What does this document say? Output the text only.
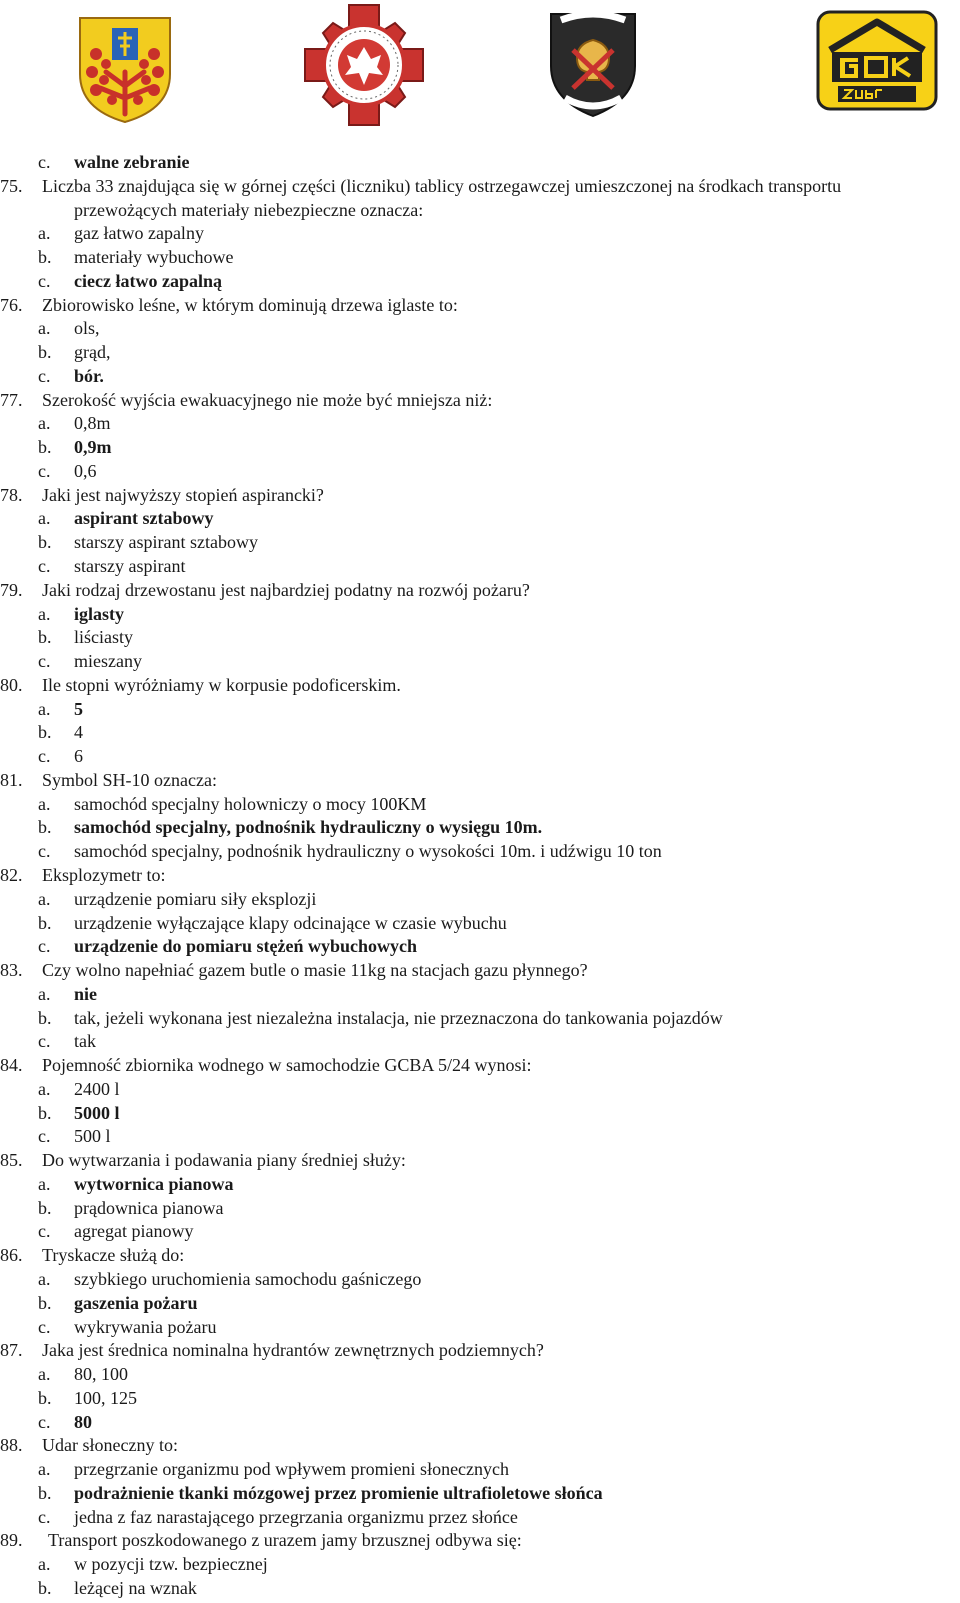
c. walne zebranie
75. Liczba 33 znajdująca się w górnej części (liczniku) tablicy ostrzegawczej umieszczonej na środkach transportu
przewożących materiały niebezpieczne oznacza:
a. gaz łatwo zapalny
b. materiały wybuchowe
c. ciecz łatwo zapalną
76. Zbiorowisko leśne, w którym dominują drzewa iglaste to:
a. ols,
b. grąd,
c. bór.
77. Szerokość wyjścia ewakuacyjnego nie może być mniejsza niż:
a. 0,8m
b. 0,9m
c. 0,6
78. Jaki jest najwyższy stopień aspirancki?
a. aspirant sztabowy
b. starszy aspirant sztabowy
c. starszy aspirant
79. Jaki rodzaj drzewostanu jest najbardziej podatny na rozwój pożaru?
a. iglasty
b. liściasty
c. mieszany
80. Ile stopni wyróżniamy w korpusie podoficerskim.
a. 5
b. 4
c. 6
81. Symbol SH-10 oznacza:
a. samochód specjalny holowniczy o mocy 100KM
b. samochód specjalny, podnośnik hydrauliczny o wysięgu 10m.
c. samochód specjalny, podnośnik hydrauliczny o wysokości 10m. i udźwigu 10 ton
82. Eksplozymetr to:
a. urządzenie pomiaru siły eksplozji
b. urządzenie wyłączające klapy odcinające w czasie wybuchu
c. urządzenie do pomiaru stężeń wybuchowych
83. Czy wolno napełniać gazem butle o masie 11kg na stacjach gazu płynnego?
a. nie
b. tak, jeżeli wykonana jest niezależna instalacja, nie przeznaczona do tankowania pojazdów
c. tak
84. Pojemność zbiornika wodnego w samochodzie GCBA 5/24 wynosi:
a. 2400 l
b. 5000 l
c. 500 l
85. Do wytwarzania i podawania piany średniej służy:
a. wytwornica pianowa
b. prądownica pianowa
c. agregat pianowy
86. Tryskacze służą do:
a. szybkiego uruchomienia samochodu gaśniczego
b. gaszenia pożaru
c. wykrywania pożaru
87. Jaka jest średnica nominalna hydrantów zewnętrznych podziemnych?
a. 80, 100
b. 100, 125
c. 80
88. Udar słoneczny to:
a. przegrzanie organizmu pod wpływem promieni słonecznych
b. podrażnienie tkanki mózgowej przez promienie ultrafioletowe słońca
c. jedna z faz narastającego przegrzania organizmu przez słońce
89. Transport poszkodowanego z urazem jamy brzusznej odbywa się:
a. w pozycji tzw. bezpiecznej
b. leżącej na wznak
